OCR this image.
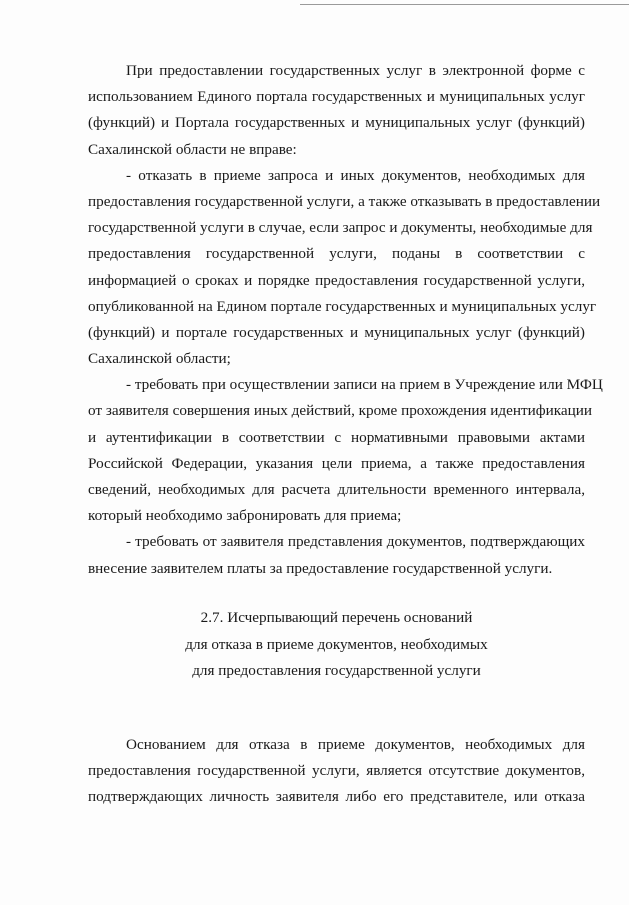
При предоставлении государственных услуг в электронной форме с
использованием Единого портала государственных и муниципальных услуг
(функций) и Портала государственных и муниципальных услуг (функций)
Сахалинской области не вправе:
- отказать в приеме запроса и иных документов, необходимых для
предоставления государственной услуги, а также отказывать в предоставлении
государственной услуги в случае, если запрос и документы, необходимые для
предоставления государственной услуги, поданы в соответствии с
информацией о сроках и порядке предоставления государственной услуги,
опубликованной на Едином портале государственных и муниципальных услуг
(функций) и портале государственных и муниципальных услуг (функций)
Сахалинской области;
- требовать при осуществлении записи на прием в Учреждение или МФЦ
от заявителя совершения иных действий, кроме прохождения идентификации
и аутентификации в соответствии с нормативными правовыми актами
Российской Федерации, указания цели приема, а также предоставления
сведений, необходимых для расчета длительности временного интервала,
который необходимо забронировать для приема;
- требовать от заявителя представления документов, подтверждающих
внесение заявителем платы за предоставление государственной услуги.
2.7. Исчерпывающий перечень оснований
для отказа в приеме документов, необходимых
для предоставления государственной услуги
Основанием для отказа в приеме документов, необходимых для
предоставления государственной услуги, является отсутствие документов,
подтверждающих личность заявителя либо его представителе, или отказа
